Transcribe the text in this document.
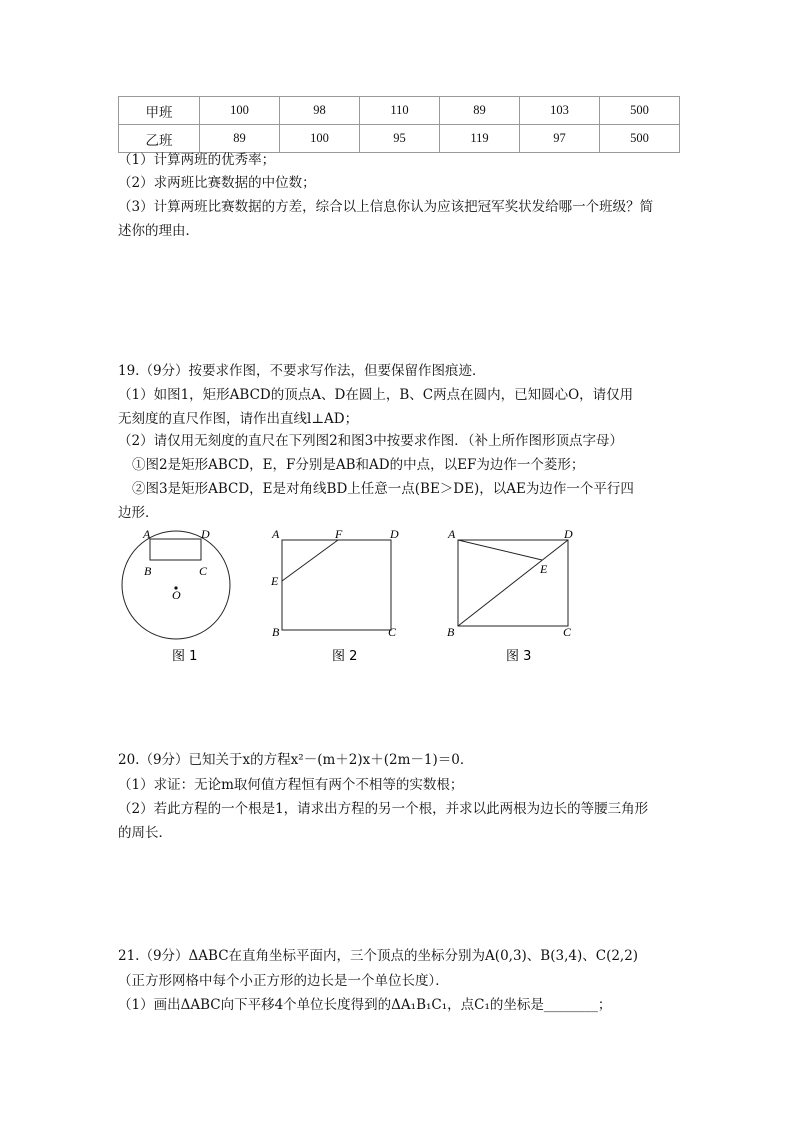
甲班	100	98	110	89	103	500
乙班	89	100	95	119	97	500
（1）计算两班的优秀率；
（2）求两班比赛数据的中位数；
（3）计算两班比赛数据的方差，综合以上信息你认为应该把冠军奖状发给哪一个班级？简
述你的理由．
19.（9分）按要求作图，不要求写作法，但要保留作图痕迹．
（1）如图1，矩形ABCD的顶点A、D在圆上，B、C两点在圆内，已知圆心O，请仅用
无刻度的直尺作图，请作出直线l⊥AD；
（2）请仅用无刻度的直尺在下列图2和图3中按要求作图．（补上所作图形顶点字母）
①图2是矩形ABCD，E，F分别是AB和AD的中点，以EF为边作一个菱形；
②图3是矩形ABCD，E是对角线BD上任意一点(BE＞DE)，以AE为边作一个平行四
边形．
A	D
B	C
O
图 1
A	F	D
E
B	C
图 2
A	D
E
B	C
图 3
20.（9分）已知关于x的方程x²－(m＋2)x＋(2m－1)＝0．
（1）求证：无论m取何值方程恒有两个不相等的实数根；
（2）若此方程的一个根是1，请求出方程的另一个根，并求以此两根为边长的等腰三角形
的周长．
21.（9分）ΔABC在直角坐标平面内，三个顶点的坐标分别为A(0,3)、B(3,4)、C(2,2)
（正方形网格中每个小正方形的边长是一个单位长度）．
（1）画出ΔABC向下平移4个单位长度得到的ΔA₁B₁C₁，点C₁的坐标是________；
